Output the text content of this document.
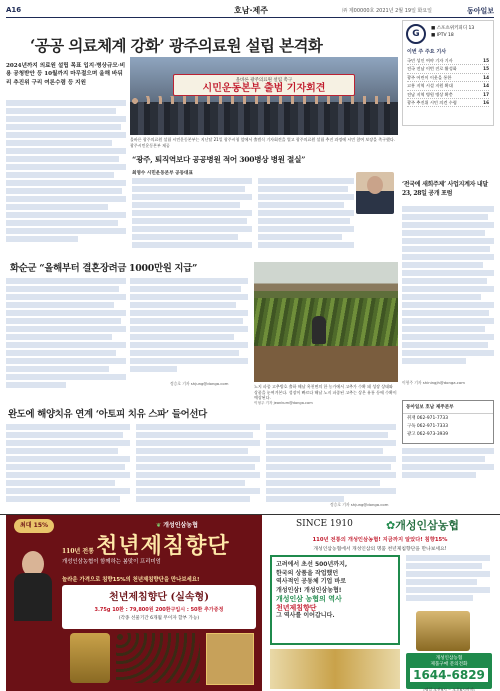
A16	호남·제주	㈜ 제00000호 2021년 2월 19일 화요일	동아일보
‘공공 의료체계 강화’ 광주의료원 설립 본격화
G
■ 스포츠위키피디 13
■ IPTV 18
이번 주 주요 기사
국민 성인 여야 기자 기사	15
전국 전남 이번 진로 활성화	15
광주 어린이 이웃을 통한	14
고흥 지역 시설 지원 확대	14
전남 지역 병원 병상 확충	17
광주 추진위 시민 의견 수렴	16
2024년까지 의료원 설립 목표 입지·병상규모·비용 공청받안 등 10월까지 마무절으며 올해 바뒤리 추진위 구리 여론수렴 등 지원	올바른 광주의료원 설립 촉구
시민운동본부 출범 기자회견
올바른 광주의료원 설립 시민운동본부는 지난달 21일 광주시청 앞에서 출범식 기자회견을 열고 광주의료원 설립 추진 과정에 시민 참여 보장을 촉구했다. 광주시민운동본부 제공
“광주, 퇴직역보다 공공병원 적어 300병상 병원 절실”
최영수 시민운동본부 공동대표
‘전국에 새희주제’ 사업지계자 내달 23, 28일 공개 포럼
이형주 기자 shiningjh@donga.com
동아일보 호남 제주본부
취재 062-971-7733
구독 062-971-7333
광고 062-973-3939
화순군 “올해부터 결혼장려금 1000만원 지급”
정승호 기자 shjung@donga.com
노지 파종 고추방호 출하 해남 옥천면의 한 농가에서 고추가 수확 돼 성장 상태와 상품을 눈여겨본다. 성장이 빠르다 해남 노지 파종된 고추는 상온 유통 등에 수확이 예상된다.
이형주 기자 jeonkum@donga.com
완도에 해양치유 연계 ‘아토피 치유 스파’ 들어선다
정승호 기자 shjung@donga.com
최대 15%	❦ 개성인삼농협
110년 전통 천년제침향단
개성인삼농협이 함께하는 봄맞이 프리미엄
놀라운 가격으로 침향15%의 천년제침향단을 만나보세요!
천년제침향단 (실속형)
3.75g 10환 : 79,800원 200환구입시 : 50환 추가증정
(각종 선물기간 6개월 무이자 할부 가능)
SINCE 1910	✿개성인삼농협
110년 전통의 개성인삼농협! 지금까지 알았다! 침향15%
개성인삼농협에서 개성인삼의 명품 천년제침향단을 만나보세요!
고려에서 초선 500년까지,
한국의 상품을 작업했던
역사적인 공동체 기업 바로
개성인삼! 개성인삼농협!
개성인삼 농협의 역사
천년제침향단
그 역사를 이어갑니다.
개성인삼농협
제품구매 문의전화
1644-6829
(평일 오전9시 ~ 오후6시까지)
